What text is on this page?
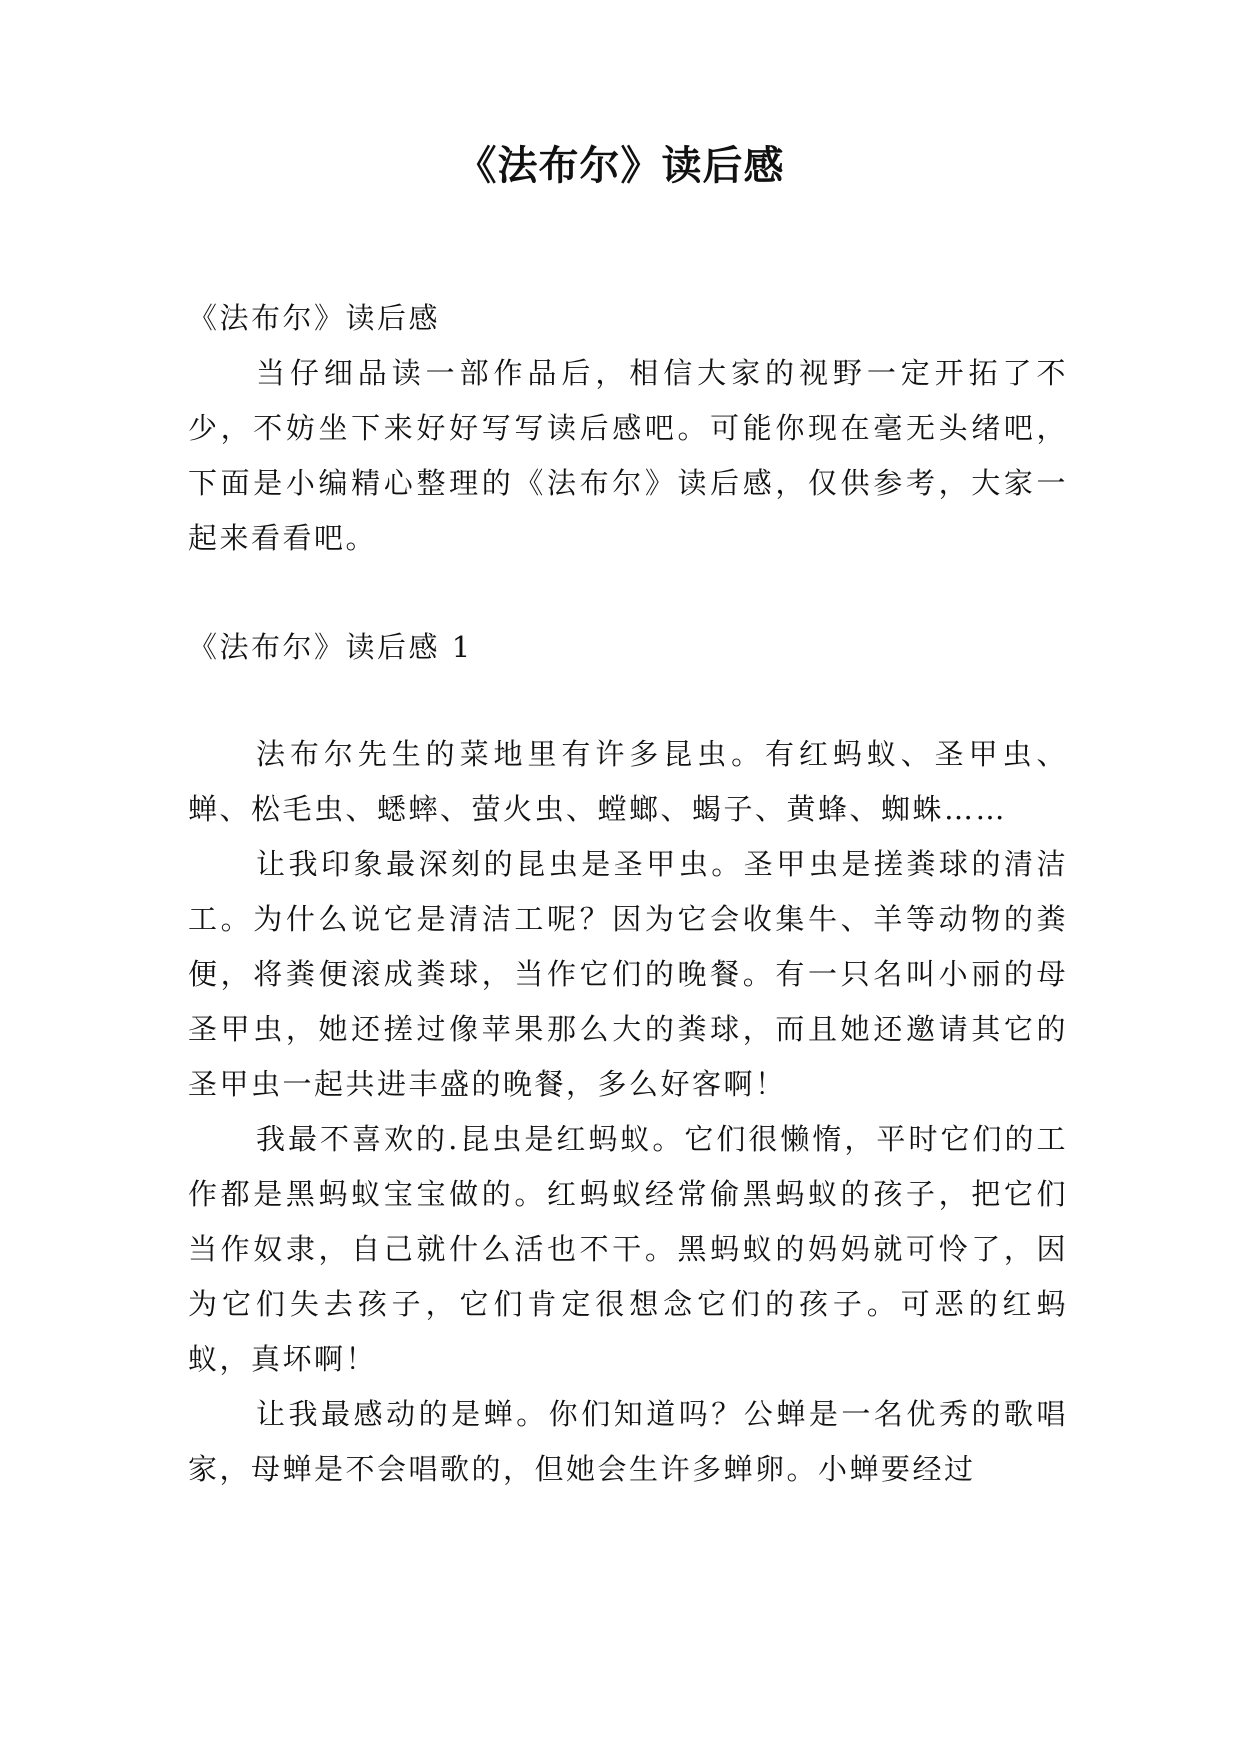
《法布尔》读后感

《法布尔》读后感

当仔细品读一部作品后，相信大家的视野一定开拓了不少，不妨坐下来好好写写读后感吧。可能你现在毫无头绪吧，下面是小编精心整理的《法布尔》读后感，仅供参考，大家一起来看看吧。

《法布尔》读后感 1

法布尔先生的菜地里有许多昆虫。有红蚂蚁、圣甲虫、蝉、松毛虫、蟋蟀、萤火虫、螳螂、蝎子、黄蜂、蜘蛛……

让我印象最深刻的昆虫是圣甲虫。圣甲虫是搓粪球的清洁工。为什么说它是清洁工呢？因为它会收集牛、羊等动物的粪便，将粪便滚成粪球，当作它们的晚餐。有一只名叫小丽的母圣甲虫，她还搓过像苹果那么大的粪球，而且她还邀请其它的圣甲虫一起共进丰盛的晚餐，多么好客啊！

我最不喜欢的.昆虫是红蚂蚁。它们很懒惰，平时它们的工作都是黑蚂蚁宝宝做的。红蚂蚁经常偷黑蚂蚁的孩子，把它们当作奴隶，自己就什么活也不干。黑蚂蚁的妈妈就可怜了，因为它们失去孩子，它们肯定很想念它们的孩子。可恶的红蚂蚁，真坏啊！

让我最感动的是蝉。你们知道吗？公蝉是一名优秀的歌唱家，母蝉是不会唱歌的，但她会生许多蝉卵。小蝉要经过
